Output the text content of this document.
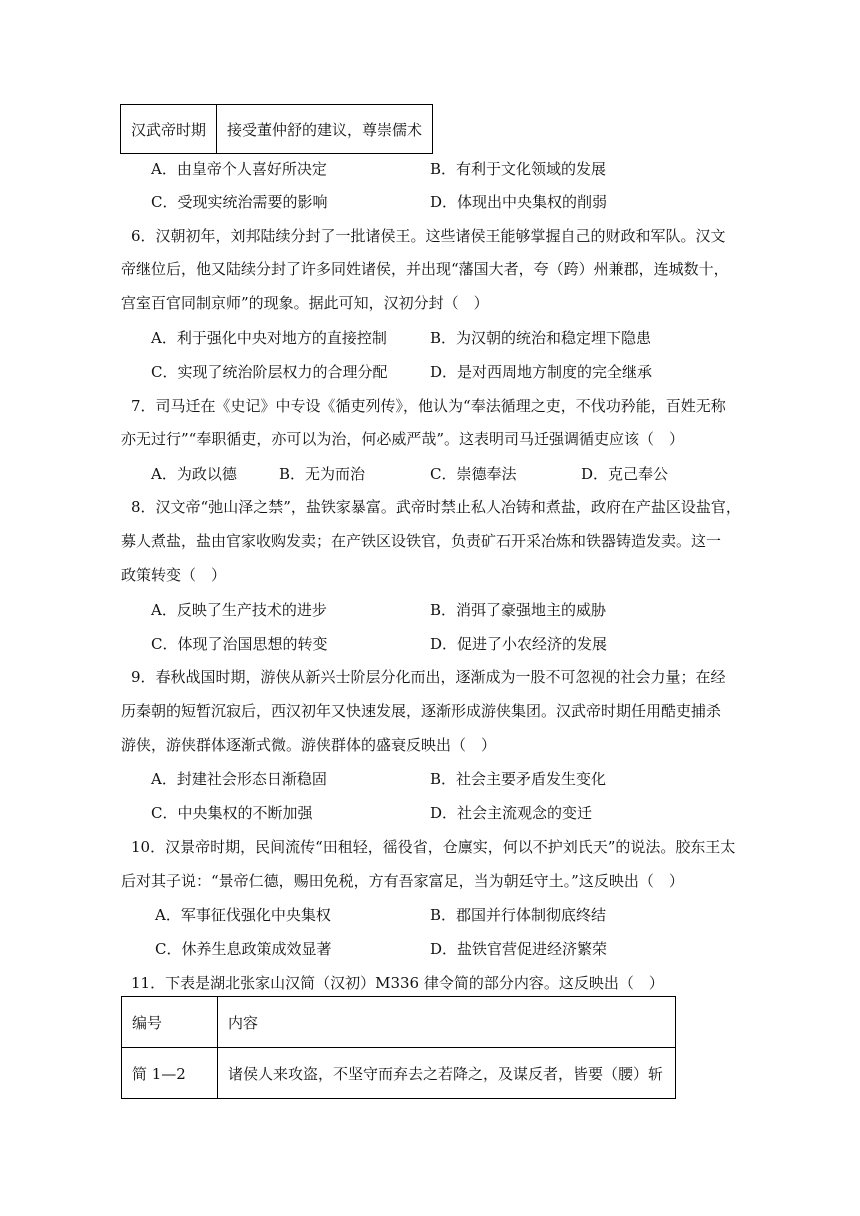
汉武帝时期	接受董仲舒的建议，尊崇儒术
A．由皇帝个人喜好所决定	B．有利于文化领域的发展
C．受现实统治需要的影响	D．体现出中央集权的削弱
6．汉朝初年，刘邦陆续分封了一批诸侯王。这些诸侯王能够掌握自己的财政和军队。汉文
帝继位后，他又陆续分封了许多同姓诸侯，并出现“藩国大者，夸（跨）州兼郡，连城数十，
宫室百官同制京师”的现象。据此可知，汉初分封（　）
A．利于强化中央对地方的直接控制	B．为汉朝的统治和稳定埋下隐患
C．实现了统治阶层权力的合理分配	D．是对西周地方制度的完全继承
7．司马迁在《史记》中专设《循吏列传》，他认为“奉法循理之吏，不伐功矜能，百姓无称
亦无过行”“奉职循吏，亦可以为治，何必威严哉”。这表明司马迁强调循吏应该（　）
A．为政以德	B．无为而治	C．崇德奉法	D．克己奉公
8．汉文帝“弛山泽之禁”，盐铁家暴富。武帝时禁止私人冶铸和煮盐，政府在产盐区设盐官，
募人煮盐，盐由官家收购发卖；在产铁区设铁官，负责矿石开采冶炼和铁器铸造发卖。这一
政策转变（　）
A．反映了生产技术的进步	B．消弭了豪强地主的威胁
C．体现了治国思想的转变	D．促进了小农经济的发展
9．春秋战国时期，游侠从新兴士阶层分化而出，逐渐成为一股不可忽视的社会力量；在经
历秦朝的短暂沉寂后，西汉初年又快速发展，逐渐形成游侠集团。汉武帝时期任用酷吏捕杀
游侠，游侠群体逐渐式微。游侠群体的盛衰反映出（　）
A．封建社会形态日渐稳固	B．社会主要矛盾发生变化
C．中央集权的不断加强	D．社会主流观念的变迁
10．汉景帝时期，民间流传“田租轻，徭役省，仓廪实，何以不护刘氏天”的说法。胶东王太
后对其子说：“景帝仁德，赐田免税，方有吾家富足，当为朝廷守土。”这反映出（　）
A．军事征伐强化中央集权	B．郡国并行体制彻底终结
C．休养生息政策成效显著	D．盐铁官营促进经济繁荣
11．下表是湖北张家山汉简（汉初）M336 律令简的部分内容。这反映出（　）
编号	内容
简 1—2	诸侯人来攻盗，不坚守而弃去之若降之，及谋反者，皆要（腰）斩
